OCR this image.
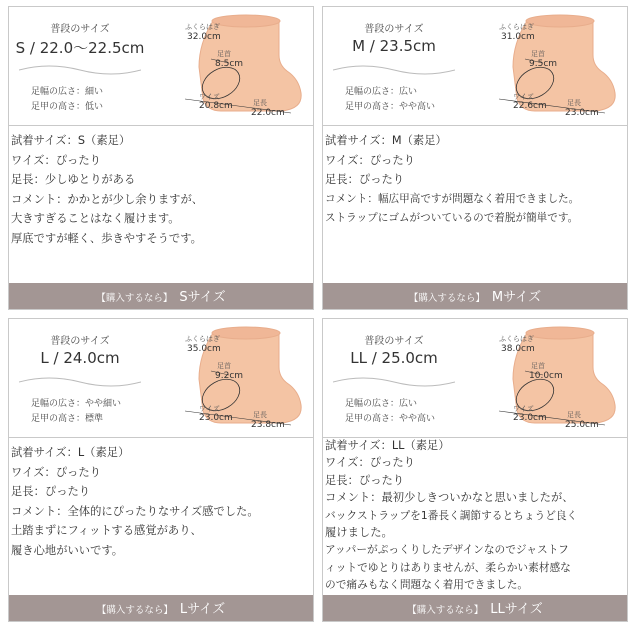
普段のサイズ
S / 22.0〜22.5cm
足幅の広さ：細い
足甲の高さ：低い
ふくらはぎ
32.0cm
足首
8.5cm
ワイズ
20.8cm	足長
22.0cm
試着サイズ：S（素足）
ワイズ：ぴったり
足長：少しゆとりがある
コメント：かかとが少し余りますが、
大きすぎることはなく履けます。
厚底ですが軽く、歩きやすそうです。
【購入するなら】 Sサイズ
普段のサイズ
M / 23.5cm
足幅の広さ：広い
足甲の高さ：やや高い
ふくらはぎ
31.0cm
足首
9.5cm
ワイズ
22.6cm	足長
23.0cm
試着サイズ：M（素足）
ワイズ：ぴったり
足長：ぴったり
コメント：幅広甲高ですが問題なく着用できました。
ストラップにゴムがついているので着脱が簡単です。
【購入するなら】 Mサイズ
普段のサイズ
L / 24.0cm
足幅の広さ：やや細い
足甲の高さ：標準
ふくらはぎ
35.0cm
足首
9.2cm
ワイズ
23.0cm	足長
23.8cm
試着サイズ：L（素足）
ワイズ：ぴったり
足長：ぴったり
コメント：全体的にぴったりなサイズ感でした。
土踏まずにフィットする感覚があり、
履き心地がいいです。
【購入するなら】 Lサイズ
普段のサイズ
LL / 25.0cm
足幅の広さ：広い
足甲の高さ：やや高い
ふくらはぎ
38.0cm
足首
10.0cm
ワイズ
23.0cm	足長
25.0cm
試着サイズ：LL（素足）
ワイズ：ぴったり
足長：ぴったり
コメント：最初少しきついかなと思いましたが、
バックストラップを1番長く調節するとちょうど良く
履けました。
アッパーがぷっくりしたデザインなのでジャストフ
ィットでゆとりはありませんが、柔らかい素材感な
ので痛みもなく問題なく着用できました。
【購入するなら】 LLサイズ
